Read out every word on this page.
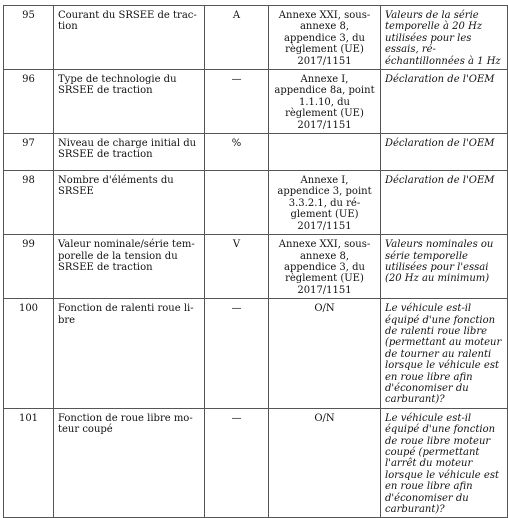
95	Courant du SRSEE de traction	A	Annexe XXI, sous-annexe 8, appendice 3, du règlement (UE) 2017/1151	Valeurs de la série temporelle à 20 Hz utilisées pour les essais, rééchantillonnées à 1 Hz
96	Type de technologie du SRSEE de traction	—	Annexe I, appendice 8a, point 1.1.10, du règlement (UE) 2017/1151	Déclaration de l'OEM
97	Niveau de charge initial du SRSEE de traction	%		Déclaration de l'OEM
98	Nombre d'éléments du SRSEE		Annexe I, appendice 3, point 3.3.2.1, du réglement (UE) 2017/1151	Déclaration de l'OEM
99	Valeur nominale/série temporelle de la tension du SRSEE de traction	V	Annexe XXI, sous-annexe 8, appendice 3, du règlement (UE) 2017/1151	Valeurs nominales ou série temporelle utilisées pour l'essai (20 Hz au minimum)
100	Fonction de ralenti roue libre	—	O/N	Le véhicule est-il équipé d'une fonction de ralenti roue libre (permettant au moteur de tourner au ralenti lorsque le véhicule est en roue libre afin d'économiser du carburant)?
101	Fonction de roue libre moteur coupé	—	O/N	Le véhicule est-il équipé d'une fonction de roue libre moteur coupé (permettant l'arrêt du moteur lorsque le véhicule est en roue libre afin d'économiser du carburant)?
